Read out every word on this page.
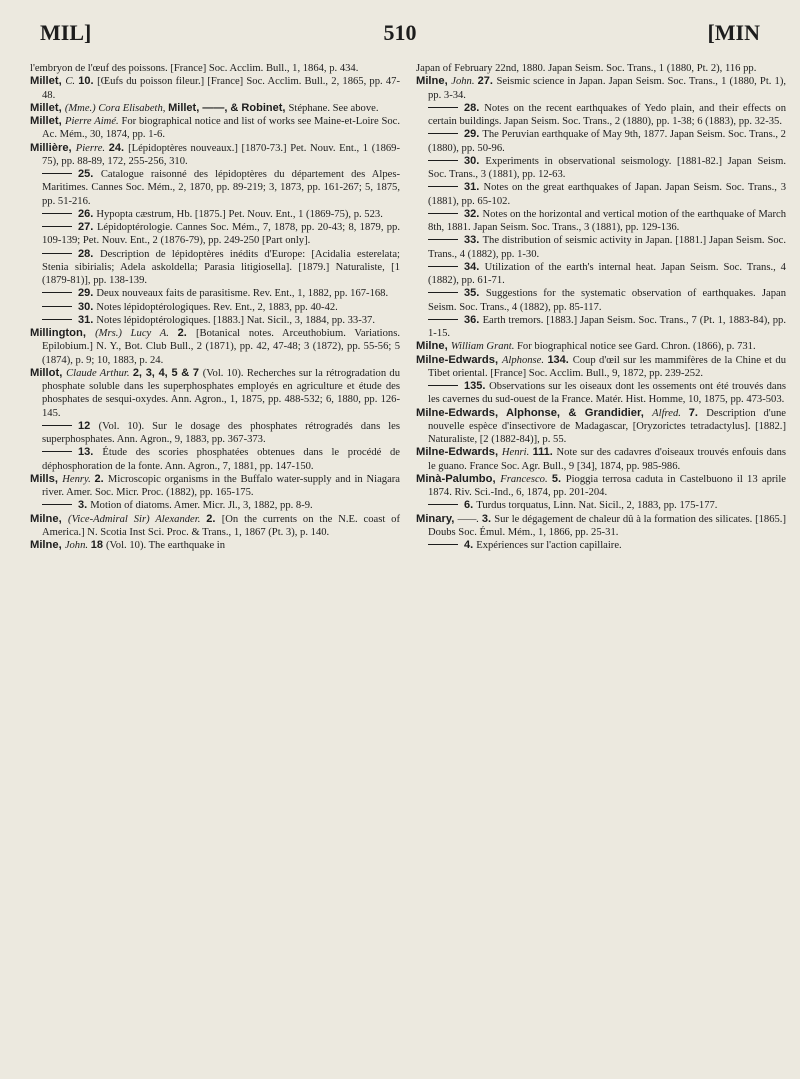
MIL]	510	[MIN

l'embryon de l'œuf des poissons. [France] Soc. Acclim. Bull., 1, 1864, p. 434.

Millet, C. 10. [Œufs du poisson fileur.] [France] Soc. Acclim. Bull., 2, 1865, pp. 47-48.

Millet, (Mme.) Cora Elisabeth, Millet, ——, & Robinet, Stéphane. See above.

Millet, Pierre Aimé. For biographical notice and list of works see Maine-et-Loire Soc. Ac. Mém., 30, 1874, pp. 1-6.

Millière, Pierre. 24. [Lépidoptères nouveaux.] [1870-73.] Pet. Nouv. Ent., 1 (1869-75), pp. 88-89, 172, 255-256, 310.

25. Catalogue raisonné des lépidoptères du département des Alpes-Maritimes. Cannes Soc. Mém., 2, 1870, pp. 89-219; 3, 1873, pp. 161-267; 5, 1875, pp. 51-216.

26. Hypopta cæstrum, Hb. [1875.] Pet. Nouv. Ent., 1 (1869-75), p. 523.

27. Lépidoptérologie. Cannes Soc. Mém., 7, 1878, pp. 20-43; 8, 1879, pp. 109-139; Pet. Nouv. Ent., 2 (1876-79), pp. 249-250 [Part only].

28. Description de lépidoptères inédits d'Europe: [Acidalia esterelata; Stenia sibirialis; Adela askoldella; Parasia litigiosella]. [1879.] Naturaliste, [1 (1879-81)], pp. 138-139.

29. Deux nouveaux faits de parasitisme. Rev. Ent., 1, 1882, pp. 167-168.

30. Notes lépidoptérologiques. Rev. Ent., 2, 1883, pp. 40-42.

31. Notes lépidoptérologiques. [1883.] Nat. Sicil., 3, 1884, pp. 33-37.

Millington, (Mrs.) Lucy A. 2. [Botanical notes. Arceuthobium. Variations. Epilobium.] N. Y., Bot. Club Bull., 2 (1871), pp. 42, 47-48; 3 (1872), pp. 55-56; 5 (1874), p. 9; 10, 1883, p. 24.

Millot, Claude Arthur. 2, 3, 4, 5 & 7 (Vol. 10). Recherches sur la rétrogradation du phosphate soluble dans les superphosphates employés en agriculture et étude des phosphates de sesqui-oxydes. Ann. Agron., 1, 1875, pp. 488-532; 6, 1880, pp. 126-145.

12 (Vol. 10). Sur le dosage des phosphates rétrogradés dans les superphosphates. Ann. Agron., 9, 1883, pp. 367-373.

13. Étude des scories phosphatées obtenues dans le procédé de déphosphoration de la fonte. Ann. Agron., 7, 1881, pp. 147-150.

Mills, Henry. 2. Microscopic organisms in the Buffalo water-supply and in Niagara river. Amer. Soc. Micr. Proc. (1882), pp. 165-175.

3. Motion of diatoms. Amer. Micr. Jl., 3, 1882, pp. 8-9.

Milne, (Vice-Admiral Sir) Alexander. 2. [On the currents on the N.E. coast of America.] N. Scotia Inst Sci. Proc. & Trans., 1, 1867 (Pt. 3), p. 140.

Milne, John. 18 (Vol. 10). The earthquake in

Japan of February 22nd, 1880. Japan Seism. Soc. Trans., 1 (1880, Pt. 2), 116 pp.

Milne, John. 27. Seismic science in Japan. Japan Seism. Soc. Trans., 1 (1880, Pt. 1), pp. 3-34.

28. Notes on the recent earthquakes of Yedo plain, and their effects on certain buildings. Japan Seism. Soc. Trans., 2 (1880), pp. 1-38; 6 (1883), pp. 32-35.

29. The Peruvian earthquake of May 9th, 1877. Japan Seism. Soc. Trans., 2 (1880), pp. 50-96.

30. Experiments in observational seismology. [1881-82.] Japan Seism. Soc. Trans., 3 (1881), pp. 12-63.

31. Notes on the great earthquakes of Japan. Japan Seism. Soc. Trans., 3 (1881), pp. 65-102.

32. Notes on the horizontal and vertical motion of the earthquake of March 8th, 1881. Japan Seism. Soc. Trans., 3 (1881), pp. 129-136.

33. The distribution of seismic activity in Japan. [1881.] Japan Seism. Soc. Trans., 4 (1882), pp. 1-30.

34. Utilization of the earth's internal heat. Japan Seism. Soc. Trans., 4 (1882), pp. 61-71.

35. Suggestions for the systematic observation of earthquakes. Japan Seism. Soc. Trans., 4 (1882), pp. 85-117.

36. Earth tremors. [1883.] Japan Seism. Soc. Trans., 7 (Pt. 1, 1883-84), pp. 1-15.

Milne, William Grant. For biographical notice see Gard. Chron. (1866), p. 731.

Milne-Edwards, Alphonse. 134. Coup d'œil sur les mammifères de la Chine et du Tibet oriental. [France] Soc. Acclim. Bull., 9, 1872, pp. 239-252.

135. Observations sur les oiseaux dont les ossements ont été trouvés dans les cavernes du sud-ouest de la France. Matér. Hist. Homme, 10, 1875, pp. 473-503.

Milne-Edwards, Alphonse, & Grandidier, Alfred. 7. Description d'une nouvelle espèce d'insectivore de Madagascar, [Oryzorictes tetradactylus]. [1882.] Naturaliste, [2 (1882-84)], p. 55.

Milne-Edwards, Henri. 111. Note sur des cadavres d'oiseaux trouvés enfouis dans le guano. France Soc. Agr. Bull., 9 [34], 1874, pp. 985-986.

Minà-Palumbo, Francesco. 5. Pioggia terrosa caduta in Castelbuono il 13 aprile 1874. Riv. Sci.-Ind., 6, 1874, pp. 201-204.

6. Turdus torquatus, Linn. Nat. Sicil., 2, 1883, pp. 175-177.

Minary, ——. 3. Sur le dégagement de chaleur dû à la formation des silicates. [1865.] Doubs Soc. Émul. Mém., 1, 1866, pp. 25-31.

4. Expériences sur l'action capillaire.
